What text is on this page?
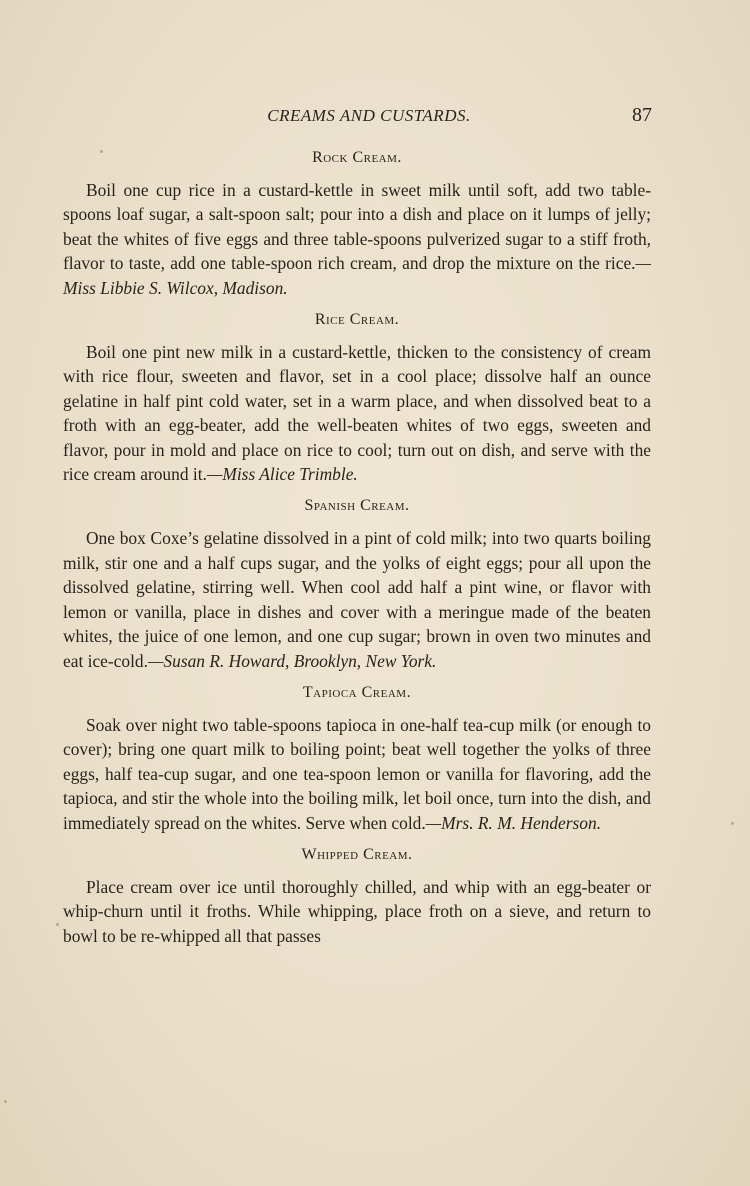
CREAMS AND CUSTARDS.	87
Rock Cream.

Boil one cup rice in a custard-kettle in sweet milk until soft, add two table-spoons loaf sugar, a salt-spoon salt; pour into a dish and place on it lumps of jelly; beat the whites of five eggs and three table-spoons pulverized sugar to a stiff froth, flavor to taste, add one table-spoon rich cream, and drop the mixture on the rice.—Miss Libbie S. Wilcox, Madison.

Rice Cream.

Boil one pint new milk in a custard-kettle, thicken to the consistency of cream with rice flour, sweeten and flavor, set in a cool place; dissolve half an ounce gelatine in half pint cold water, set in a warm place, and when dissolved beat to a froth with an egg-beater, add the well-beaten whites of two eggs, sweeten and flavor, pour in mold and place on rice to cool; turn out on dish, and serve with the rice cream around it.—Miss Alice Trimble.

Spanish Cream.

One box Coxe’s gelatine dissolved in a pint of cold milk; into two quarts boiling milk, stir one and a half cups sugar, and the yolks of eight eggs; pour all upon the dissolved gelatine, stirring well. When cool add half a pint wine, or flavor with lemon or vanilla, place in dishes and cover with a meringue made of the beaten whites, the juice of one lemon, and one cup sugar; brown in oven two minutes and eat ice-cold.—Susan R. Howard, Brooklyn, New York.

Tapioca Cream.

Soak over night two table-spoons tapioca in one-half tea-cup milk (or enough to cover); bring one quart milk to boiling point; beat well together the yolks of three eggs, half tea-cup sugar, and one tea-spoon lemon or vanilla for flavoring, add the tapioca, and stir the whole into the boiling milk, let boil once, turn into the dish, and immediately spread on the whites. Serve when cold.—Mrs. R. M. Henderson.

Whipped Cream.

Place cream over ice until thoroughly chilled, and whip with an egg-beater or whip-churn until it froths. While whipping, place froth on a sieve, and return to bowl to be re-whipped all that passes
